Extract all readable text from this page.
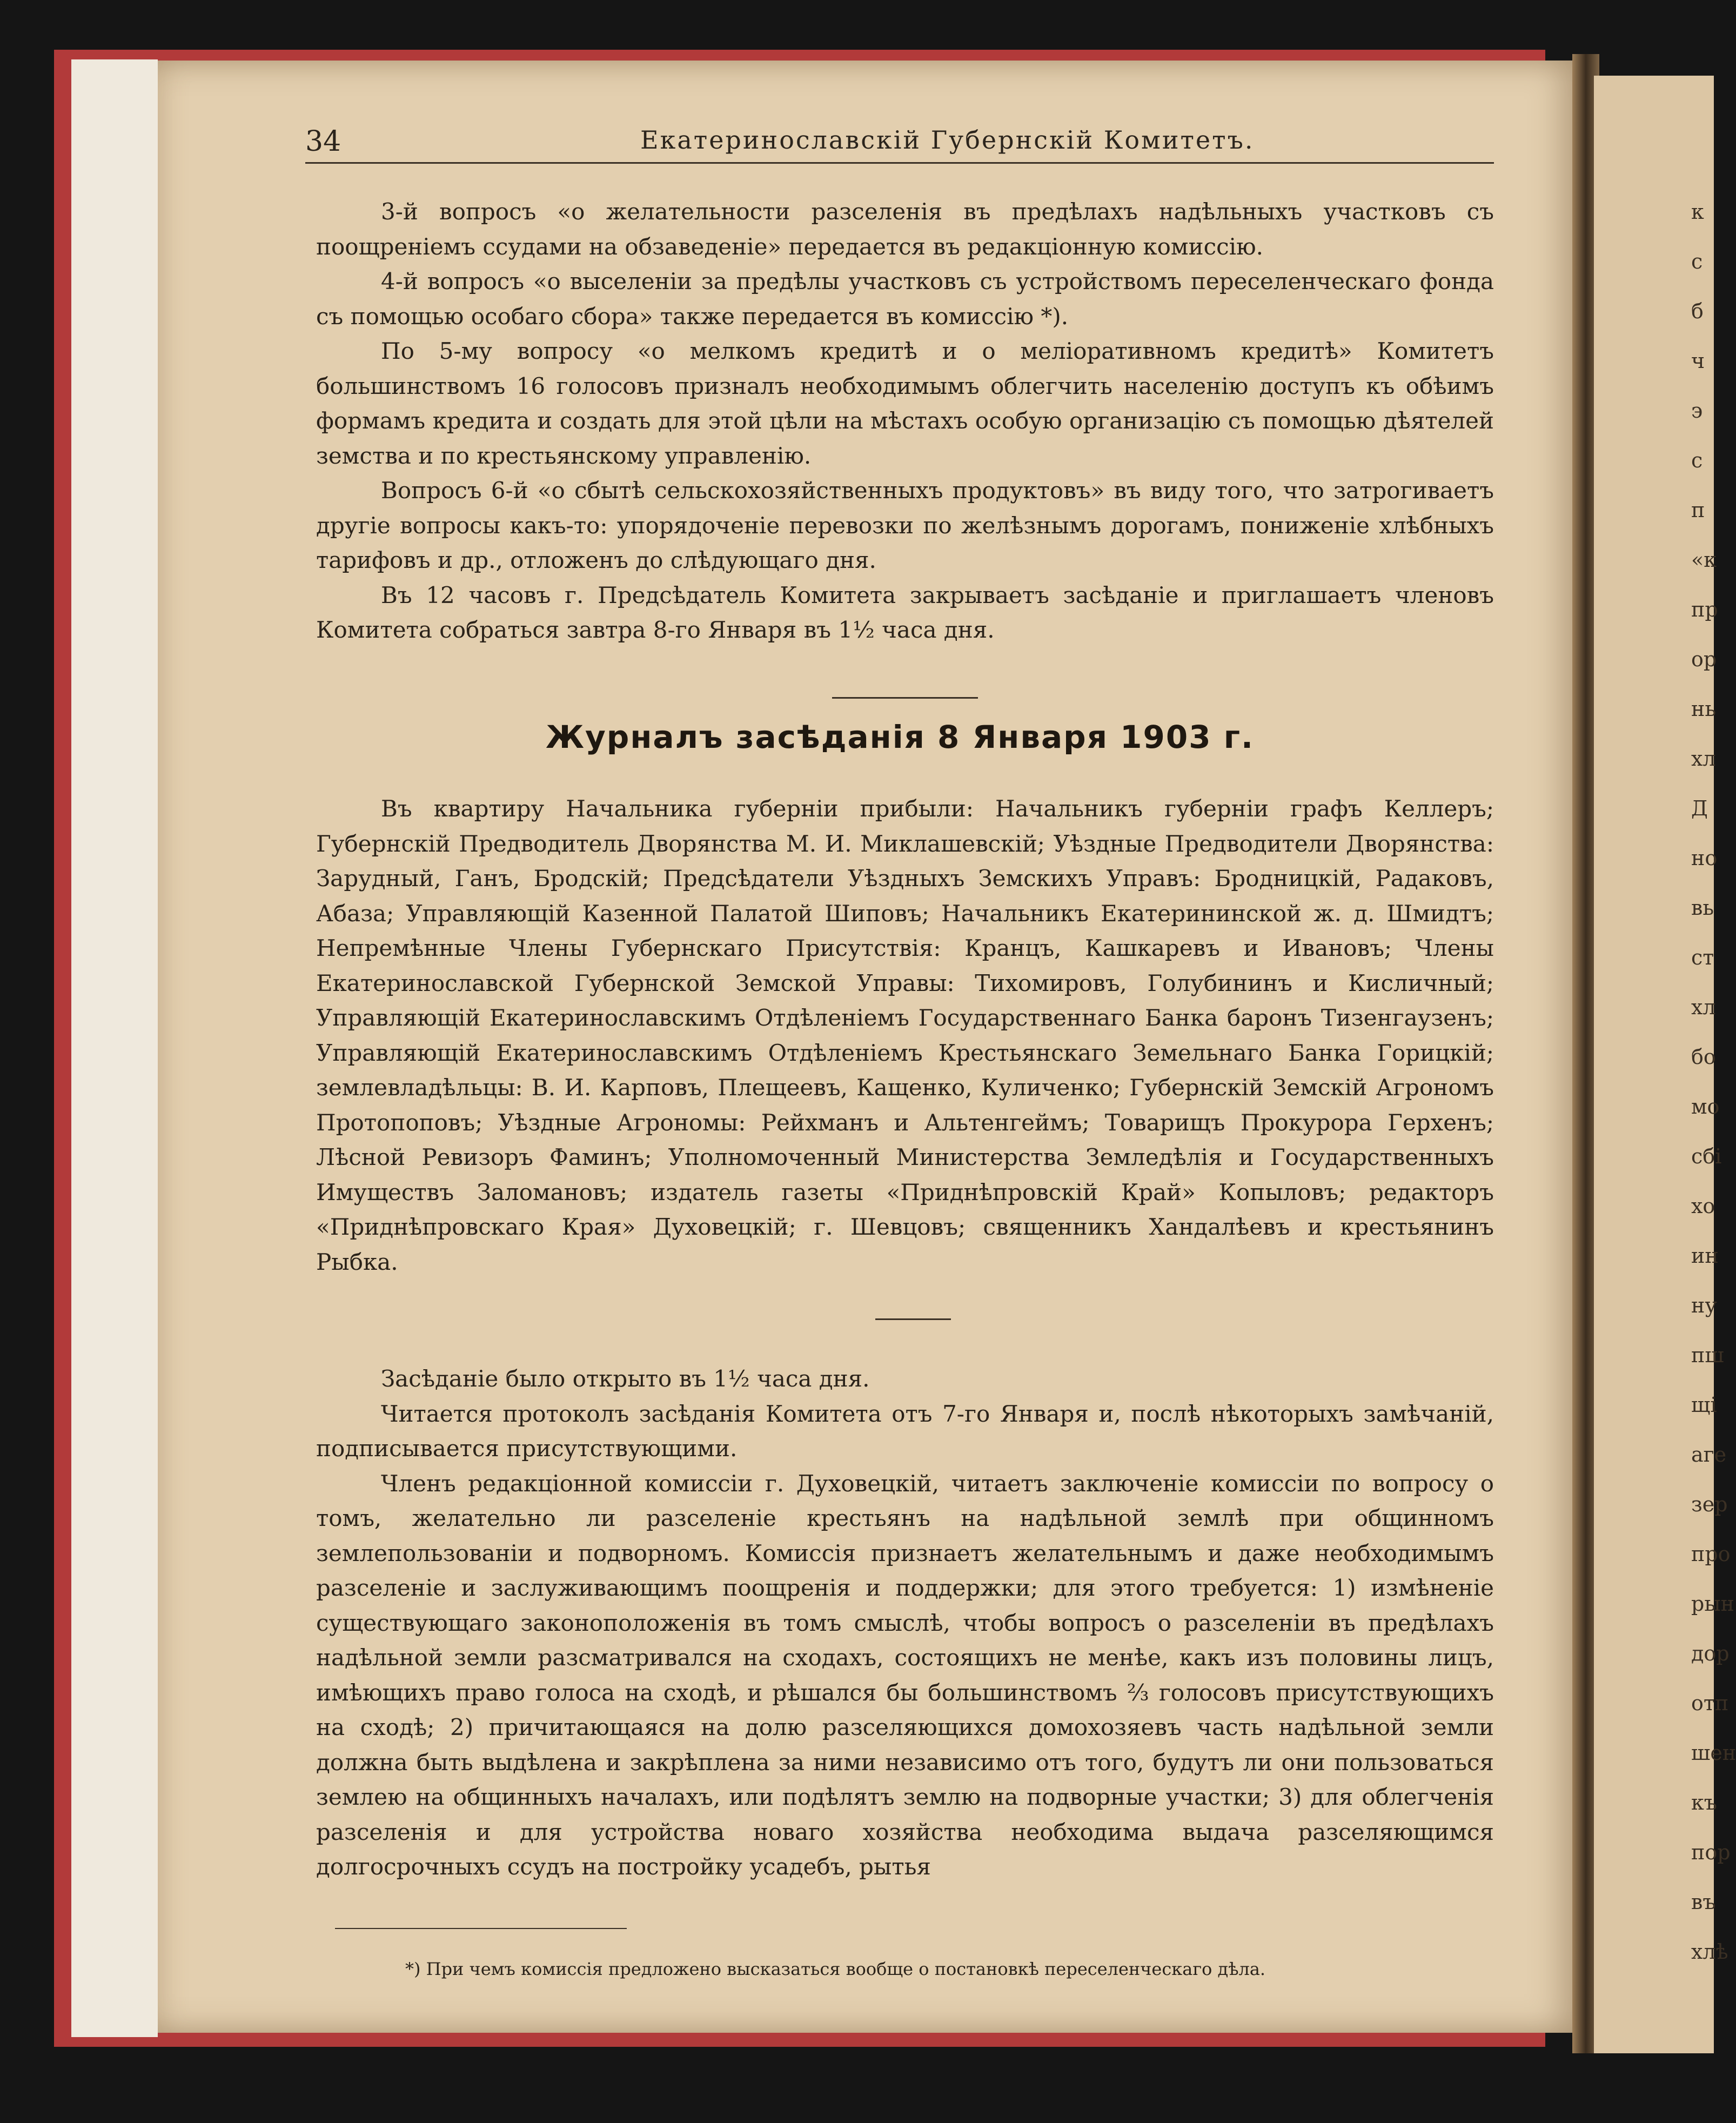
34	Екатеринославскій Губернскій Комитетъ.

3-й вопросъ «о желательности разселенія въ предѣлахъ надѣльныхъ участковъ съ поощреніемъ ссудами на обзаведеніе» передается въ редакціонную комиссію.

4-й вопросъ «о выселеніи за предѣлы участковъ съ устройствомъ переселенческаго фонда съ помощью особаго сбора» также передается въ комиссію *).

По 5-му вопросу «о мелкомъ кредитѣ и о меліоративномъ кредитѣ» Комитетъ большинствомъ 16 голосовъ призналъ необходимымъ облегчить населенію доступъ къ обѣимъ формамъ кредита и создать для этой цѣли на мѣстахъ особую организацію съ помощью дѣятелей земства и по крестьянскому управленію.

Вопросъ 6-й «о сбытѣ сельскохозяйственныхъ продуктовъ» въ виду того, что затрогиваетъ другіе вопросы какъ-то: упорядоченіе перевозки по желѣзнымъ дорогамъ, пониженіе хлѣбныхъ тарифовъ и др., отложенъ до слѣдующаго дня.

Въ 12 часовъ г. Предсѣдатель Комитета закрываетъ засѣданіе и приглашаетъ членовъ Комитета собраться завтра 8-го Января въ 1½ часа дня.

Журналъ засѣданія 8 Января 1903 г.

Въ квартиру Начальника губерніи прибыли: Начальникъ губерніи графъ Келлеръ; Губернскій Предводитель Дворянства М. И. Миклашевскій; Уѣздные Предводители Дворянства: Зарудный, Ганъ, Бродскій; Предсѣдатели Уѣздныхъ Земскихъ Управъ: Бродницкій, Радаковъ, Абаза; Управляющій Казенной Палатой Шиповъ; Начальникъ Екатерининской ж. д. Шмидтъ; Непремѣнные Члены Губернскаго Присутствія: Кранцъ, Кашкаревъ и Ивановъ; Члены Екатеринославской Губернской Земской Управы: Тихомировъ, Голубининъ и Кисличный; Управляющій Екатеринославскимъ Отдѣленіемъ Государственнаго Банка баронъ Тизенгаузенъ; Управляющій Екатеринославскимъ Отдѣленіемъ Крестьянскаго Земельнаго Банка Горицкій; землевладѣльцы: В. И. Карповъ, Плещеевъ, Кащенко, Куличенко; Губернскій Земскій Агрономъ Протопоповъ; Уѣздные Агрономы: Рейхманъ и Альтенгеймъ; Товарищъ Прокурора Герхенъ; Лѣсной Ревизоръ Фаминъ; Уполномоченный Министерства Земледѣлія и Государственныхъ Имуществъ Заломановъ; издатель газеты «Приднѣпровскій Край» Копыловъ; редакторъ «Приднѣпровскаго Края» Духовецкій; г. Шевцовъ; священникъ Хандалѣевъ и крестьянинъ Рыбка.

Засѣданіе было открыто въ 1½ часа дня.

Читается протоколъ засѣданія Комитета отъ 7-го Января и, послѣ нѣкоторыхъ замѣчаній, подписывается присутствующими.

Членъ редакціонной комиссіи г. Духовецкій, читаетъ заключеніе комиссіи по вопросу о томъ, желательно ли разселеніе крестьянъ на надѣльной землѣ при общинномъ землепользованіи и подворномъ. Комиссія признаетъ желательнымъ и даже необходимымъ разселеніе и заслуживающимъ поощренія и поддержки; для этого требуется: 1) измѣненіе существующаго законоположенія въ томъ смыслѣ, чтобы вопросъ о разселеніи въ предѣлахъ надѣльной земли разсматривался на сходахъ, состоящихъ не менѣе, какъ изъ половины лицъ, имѣющихъ право голоса на сходѣ, и рѣшался бы большинствомъ ⅔ голосовъ присутствующихъ на сходѣ; 2) причитающаяся на долю разселяющихся домохозяевъ часть надѣльной земли должна быть выдѣлена и закрѣплена за ними независимо отъ того, будутъ ли они пользоваться землею на общинныхъ началахъ, или подѣлятъ землю на подворные участки; 3) для облегченія разселенія и для устройства новаго хозяйства необходима выдача разселяющимся долгосрочныхъ ссудъ на постройку усадебъ, рытья

*) При чемъ комиссія предложено высказаться вообще о постановкѣ переселенческаго дѣла.
к
с
б
ч
э
с
п
«к
пр
ор
нь
хл
Д
но
вь
ст
хл
бо
мо
сбі
хо
ин
ну
пш
щі
аге
зер
про
рын
дор
отп
шен
къ
пор
въ
хлѣ
